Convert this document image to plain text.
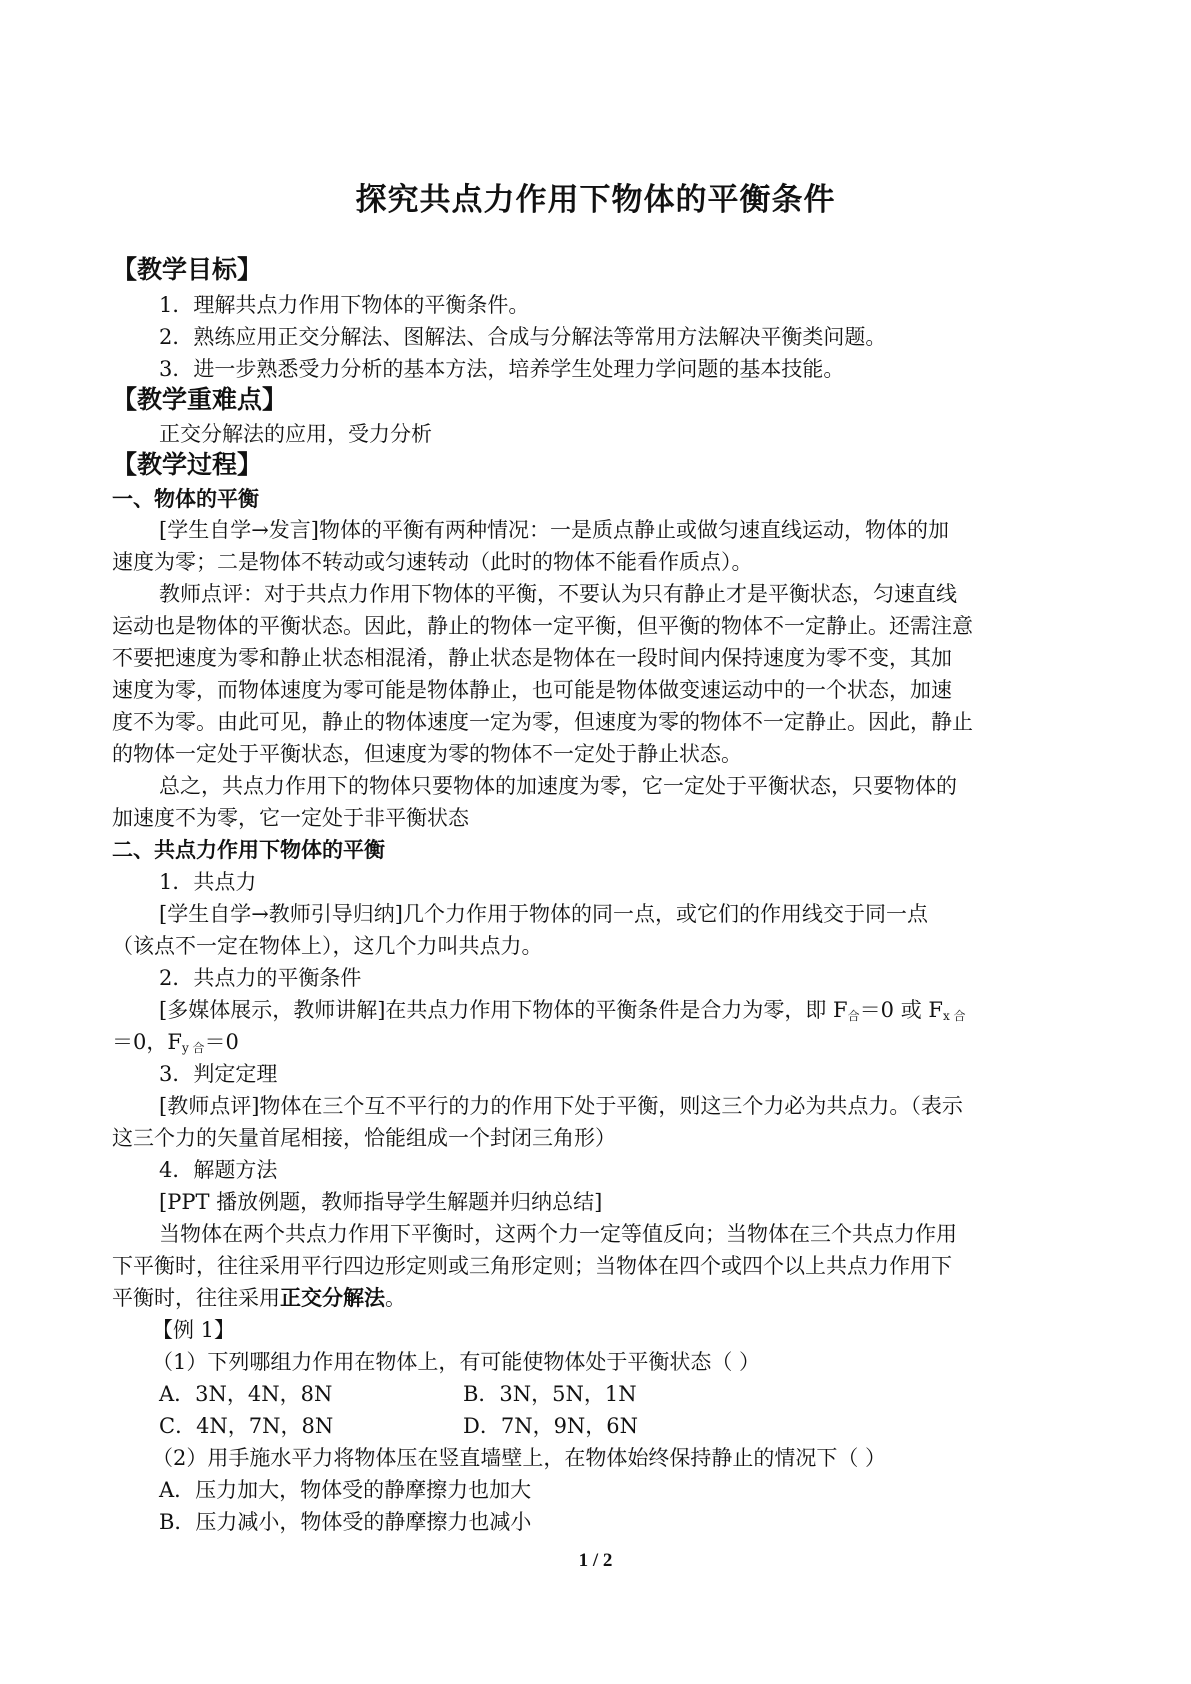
探究共点力作用下物体的平衡条件
【教学目标】
1．理解共点力作用下物体的平衡条件。
2．熟练应用正交分解法、图解法、合成与分解法等常用方法解决平衡类问题。
3．进一步熟悉受力分析的基本方法，培养学生处理力学问题的基本技能。
【教学重难点】
正交分解法的应用，受力分析
【教学过程】
一、物体的平衡
[学生自学→发言]物体的平衡有两种情况：一是质点静止或做匀速直线运动，物体的加
速度为零；二是物体不转动或匀速转动（此时的物体不能看作质点）。
教师点评：对于共点力作用下物体的平衡，不要认为只有静止才是平衡状态，匀速直线
运动也是物体的平衡状态。因此，静止的物体一定平衡，但平衡的物体不一定静止。还需注意
不要把速度为零和静止状态相混淆，静止状态是物体在一段时间内保持速度为零不变，其加
速度为零，而物体速度为零可能是物体静止，也可能是物体做变速运动中的一个状态，加速
度不为零。由此可见，静止的物体速度一定为零，但速度为零的物体不一定静止。因此，静止
的物体一定处于平衡状态，但速度为零的物体不一定处于静止状态。
总之，共点力作用下的物体只要物体的加速度为零，它一定处于平衡状态，只要物体的
加速度不为零，它一定处于非平衡状态
二、共点力作用下物体的平衡
1．共点力
[学生自学→教师引导归纳]几个力作用于物体的同一点，或它们的作用线交于同一点
（该点不一定在物体上），这几个力叫共点力。
2．共点力的平衡条件
[多媒体展示，教师讲解]在共点力作用下物体的平衡条件是合力为零，即 $F_合=0$ 或 $F_{x 合}$
＝0，$F_{y 合}=0$
3．判定定理
[教师点评]物体在三个互不平行的力的作用下处于平衡，则这三个力必为共点力。（表示
这三个力的矢量首尾相接，恰能组成一个封闭三角形）
4．解题方法
[PPT 播放例题，教师指导学生解题并归纳总结]
当物体在两个共点力作用下平衡时，这两个力一定等值反向；当物体在三个共点力作用
下平衡时，往往采用平行四边形定则或三角形定则；当物体在四个或四个以上共点力作用下
平衡时，往往采用正交分解法。
【例 1】
（1）下列哪组力作用在物体上，有可能使物体处于平衡状态（ ）
A．3N，4N，8N	B．3N，5N，1N
C．4N，7N，8N	D．7N，9N，6N
（2）用手施水平力将物体压在竖直墙壁上，在物体始终保持静止的情况下（ ）
A．压力加大，物体受的静摩擦力也加大
B．压力减小，物体受的静摩擦力也减小
1 / 2
